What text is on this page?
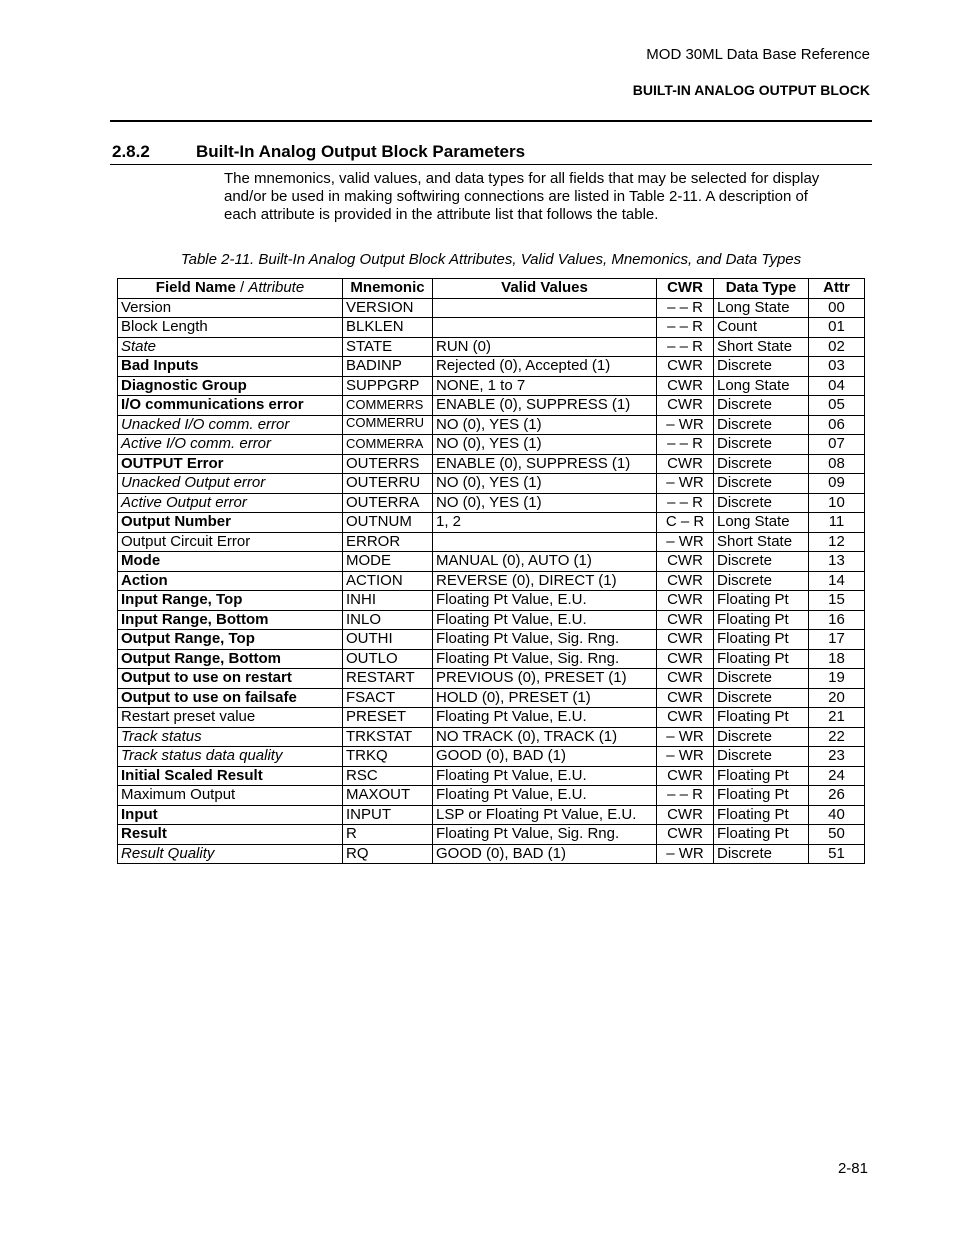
MOD 30ML Data Base Reference
BUILT-IN ANALOG OUTPUT BLOCK
2.8.2	Built-In Analog Output Block Parameters
The mnemonics, valid values, and data types for all fields that may be selected for display and/or be used in making softwiring connections are listed in Table 2-11. A description of each attribute is provided in the attribute list that follows the table.
Table 2-11. Built-In Analog Output Block Attributes, Valid Values, Mnemonics, and Data Types
Field Name / Attribute	Mnemonic	Valid Values	CWR	Data Type	Attr
Version	VERSION		– – R	Long State	00
Block Length	BLKLEN		– – R	Count	01
State	STATE	RUN (0)	– – R	Short State	02
Bad Inputs	BADINP	Rejected (0), Accepted (1)	CWR	Discrete	03
Diagnostic Group	SUPPGRP	NONE, 1 to 7	CWR	Long State	04
I/O communications error	COMMERRS	ENABLE (0), SUPPRESS (1)	CWR	Discrete	05
Unacked I/O comm. error	COMMERRU	NO (0), YES (1)	– WR	Discrete	06
Active I/O comm. error	COMMERRA	NO (0), YES (1)	– – R	Discrete	07
OUTPUT Error	OUTERRS	ENABLE (0), SUPPRESS (1)	CWR	Discrete	08
Unacked Output error	OUTERRU	NO (0), YES (1)	– WR	Discrete	09
Active Output error	OUTERRA	NO (0), YES (1)	– – R	Discrete	10
Output Number	OUTNUM	1, 2	C – R	Long State	11
Output Circuit Error	ERROR		– WR	Short State	12
Mode	MODE	MANUAL (0), AUTO (1)	CWR	Discrete	13
Action	ACTION	REVERSE (0), DIRECT (1)	CWR	Discrete	14
Input Range, Top	INHI	Floating Pt Value, E.U.	CWR	Floating Pt	15
Input Range, Bottom	INLO	Floating Pt Value, E.U.	CWR	Floating Pt	16
Output Range, Top	OUTHI	Floating Pt Value, Sig. Rng.	CWR	Floating Pt	17
Output Range, Bottom	OUTLO	Floating Pt Value, Sig. Rng.	CWR	Floating Pt	18
Output to use on restart	RESTART	PREVIOUS (0), PRESET (1)	CWR	Discrete	19
Output to use on failsafe	FSACT	HOLD (0), PRESET (1)	CWR	Discrete	20
Restart preset value	PRESET	Floating Pt Value, E.U.	CWR	Floating Pt	21
Track status	TRKSTAT	NO TRACK (0), TRACK (1)	– WR	Discrete	22
Track status data quality	TRKQ	GOOD (0), BAD (1)	– WR	Discrete	23
Initial Scaled Result	RSC	Floating Pt Value, E.U.	CWR	Floating Pt	24
Maximum Output	MAXOUT	Floating Pt Value, E.U.	– – R	Floating Pt	26
Input	INPUT	LSP or Floating Pt Value, E.U.	CWR	Floating Pt	40
Result	R	Floating Pt Value, Sig. Rng.	CWR	Floating Pt	50
Result Quality	RQ	GOOD (0), BAD (1)	– WR	Discrete	51
2-81
